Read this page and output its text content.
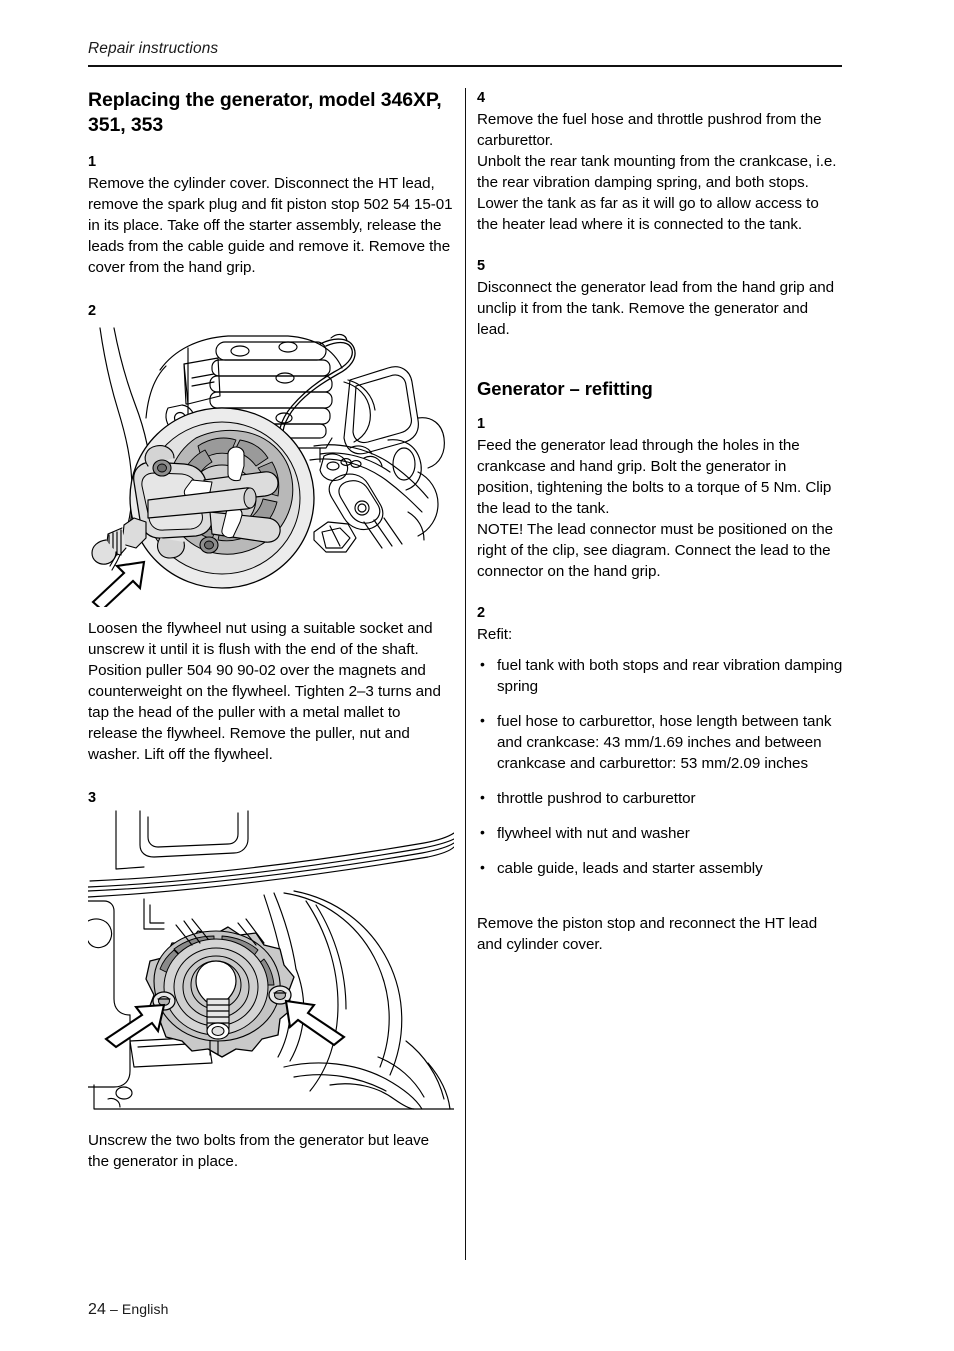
Repair instructions
Replacing the generator, model 346XP, 351, 353
1

Remove the cylinder cover. Disconnect the HT lead, remove the spark plug and fit piston stop 502 54 15-01 in its place. Take off the starter assembly, release the leads from the cable guide and remove it. Remove the cover from the hand grip.

2

Loosen the flywheel nut using a suitable socket and unscrew it until it is flush with the end of the shaft.

Position puller 504 90 90-02 over the magnets and counterweight on the flywheel. Tighten 2–3 turns and tap the head of the puller with a metal mallet to release the flywheel. Remove the puller, nut and washer. Lift off the flywheel.

3

Unscrew the two bolts from the generator but leave the generator in place.

4

Remove the fuel hose and throttle pushrod from the carburettor.

Unbolt the rear tank mounting from the crankcase, i.e. the rear vibration damping spring, and both stops. Lower the tank as far as it will go to allow access to the heater lead where it is connected to the tank.

5

Disconnect the generator lead from the hand grip and unclip it from the tank. Remove the generator and lead.

Generator – refitting
1

Feed the generator lead through the holes in the crankcase and hand grip. Bolt the generator in position, tightening the bolts to a torque of 5 Nm. Clip the lead to the tank.

NOTE! The lead connector must be positioned on the right of the clip, see diagram. Connect the lead to the connector on the hand grip.

2

Refit:

• fuel tank with both stops and rear vibration damping spring
• fuel hose to carburettor, hose length between tank and crankcase: 43 mm/1.69 inches and between crankcase and carburettor: 53 mm/2.09 inches
• throttle pushrod to carburettor
• flywheel with nut and washer
• cable guide, leads and starter assembly

Remove the piston stop and reconnect the HT lead and cylinder cover.

24 – English
